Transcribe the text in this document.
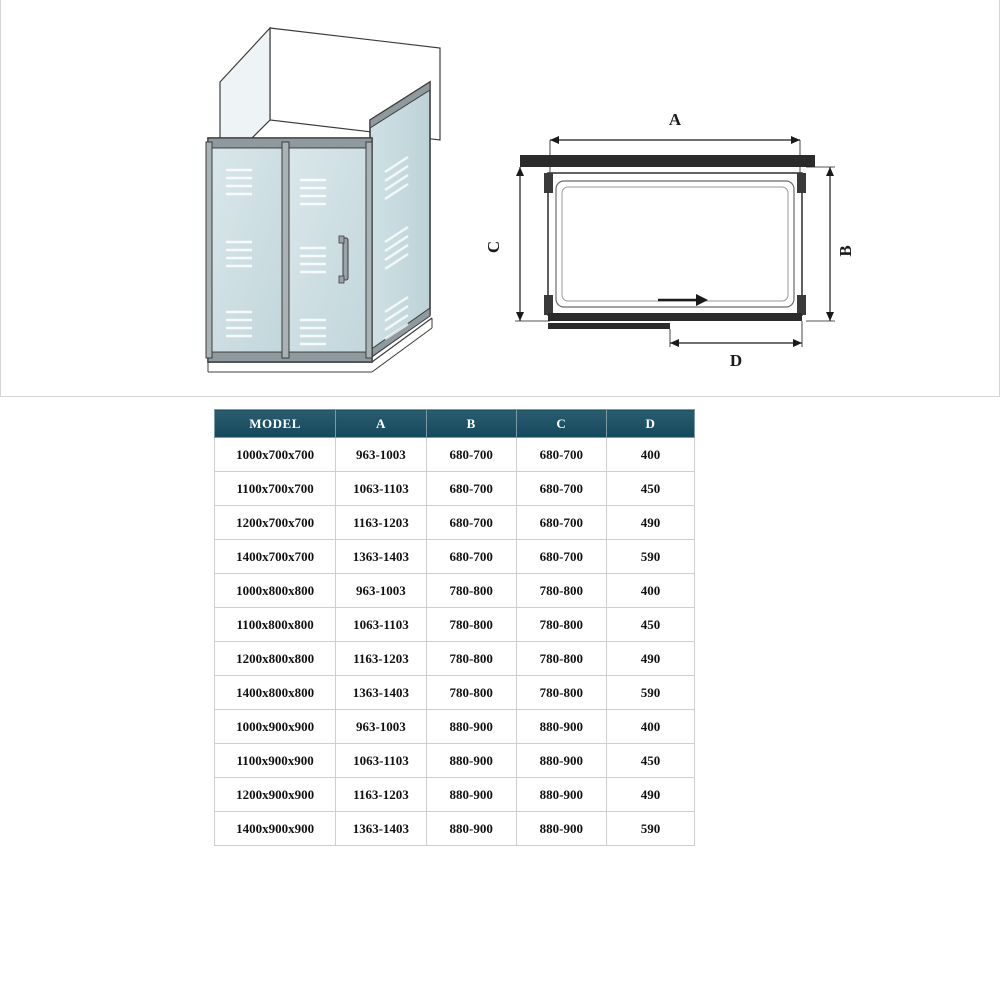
A
B
C
D
MODEL	A	B	C	D
1000x700x700	963-1003	680-700	680-700	400
1100x700x700	1063-1103	680-700	680-700	450
1200x700x700	1163-1203	680-700	680-700	490
1400x700x700	1363-1403	680-700	680-700	590
1000x800x800	963-1003	780-800	780-800	400
1100x800x800	1063-1103	780-800	780-800	450
1200x800x800	1163-1203	780-800	780-800	490
1400x800x800	1363-1403	780-800	780-800	590
1000x900x900	963-1003	880-900	880-900	400
1100x900x900	1063-1103	880-900	880-900	450
1200x900x900	1163-1203	880-900	880-900	490
1400x900x900	1363-1403	880-900	880-900	590
